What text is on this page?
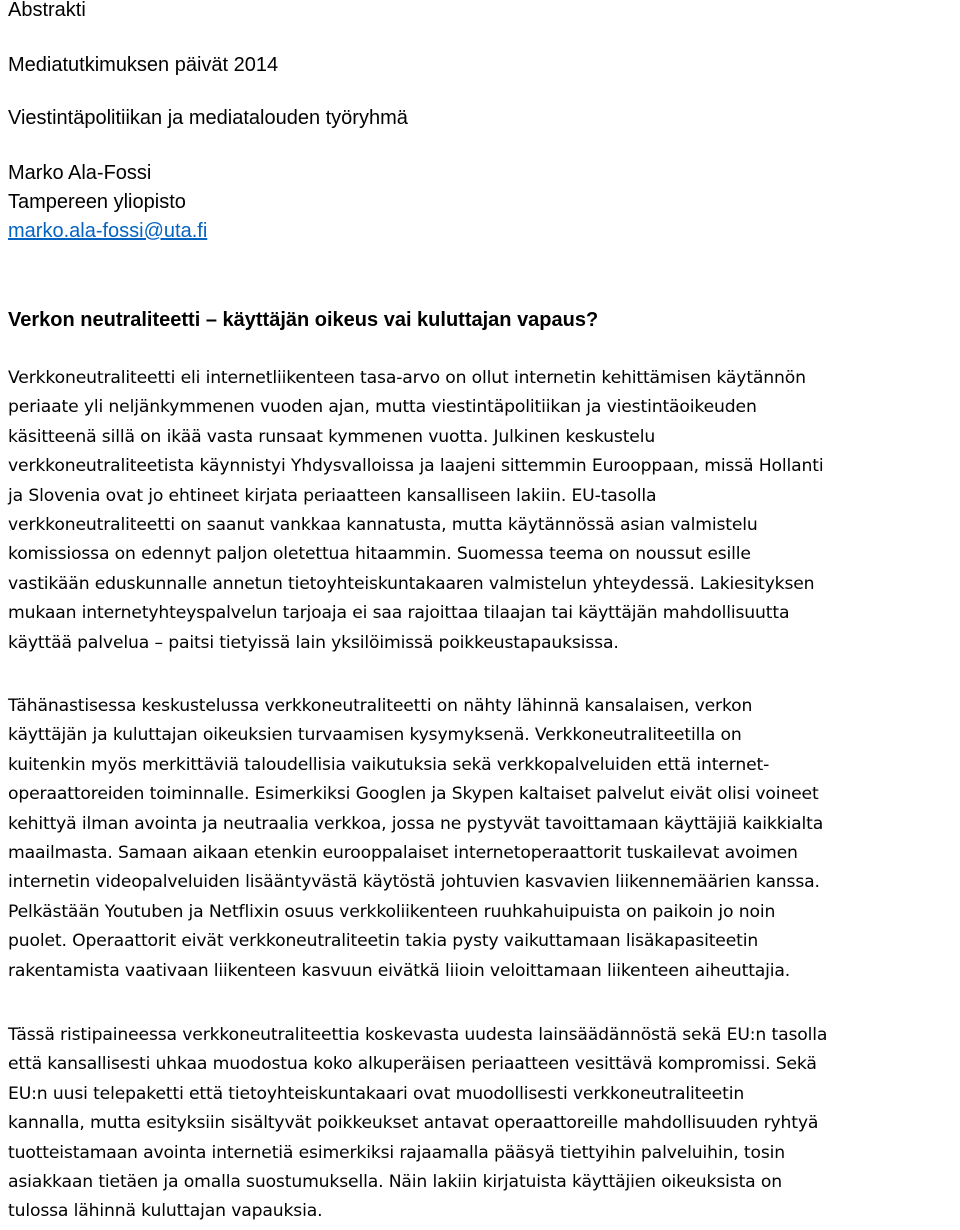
Abstrakti

Mediatutkimuksen päivät 2014

Viestintäpolitiikan ja mediatalouden työryhmä

Marko Ala-Fossi

Tampereen yliopisto

marko.ala-fossi@uta.fi

Verkon neutraliteetti – käyttäjän oikeus vai kuluttajan vapaus?

Verkkoneutraliteetti eli internetliikenteen tasa-arvo on ollut internetin kehittämisen käytännön
periaate yli neljänkymmenen vuoden ajan, mutta viestintäpolitiikan ja viestintäoikeuden
käsitteenä sillä on ikää vasta runsaat kymmenen vuotta. Julkinen keskustelu
verkkoneutraliteetista käynnistyi Yhdysvalloissa ja laajeni sittemmin Eurooppaan, missä Hollanti
ja Slovenia ovat jo ehtineet kirjata periaatteen kansalliseen lakiin. EU-tasolla
verkkoneutraliteetti on saanut vankkaa kannatusta, mutta käytännössä asian valmistelu
komissiossa on edennyt paljon oletettua hitaammin. Suomessa teema on noussut esille
vastikään eduskunnalle annetun tietoyhteiskuntakaaren valmistelun yhteydessä. Lakiesityksen
mukaan internetyhteyspalvelun tarjoaja ei saa rajoittaa tilaajan tai käyttäjän mahdollisuutta
käyttää palvelua – paitsi tietyissä lain yksilöimissä poikkeustapauksissa.
Tähänastisessa keskustelussa verkkoneutraliteetti on nähty lähinnä kansalaisen, verkon
käyttäjän ja kuluttajan oikeuksien turvaamisen kysymyksenä. Verkkoneutraliteetilla on
kuitenkin myös merkittäviä taloudellisia vaikutuksia sekä verkkopalveluiden että internet-
operaattoreiden toiminnalle. Esimerkiksi Googlen ja Skypen kaltaiset palvelut eivät olisi voineet
kehittyä ilman avointa ja neutraalia verkkoa, jossa ne pystyvät tavoittamaan käyttäjiä kaikkialta
maailmasta. Samaan aikaan etenkin eurooppalaiset internetoperaattorit tuskailevat avoimen
internetin videopalveluiden lisääntyvästä käytöstä johtuvien kasvavien liikennemäärien kanssa.
Pelkästään Youtuben ja Netflixin osuus verkkoliikenteen ruuhkahuipuista on paikoin jo noin
puolet. Operaattorit eivät verkkoneutraliteetin takia pysty vaikuttamaan lisäkapasiteetin
rakentamista vaativaan liikenteen kasvuun eivätkä liioin veloittamaan liikenteen aiheuttajia.
Tässä ristipaineessa verkkoneutraliteettia koskevasta uudesta lainsäädännöstä sekä EU:n tasolla
että kansallisesti uhkaa muodostua koko alkuperäisen periaatteen vesittävä kompromissi. Sekä
EU:n uusi telepaketti että tietoyhteiskuntakaari ovat muodollisesti verkkoneutraliteetin
kannalla, mutta esityksiin sisältyvät poikkeukset antavat operaattoreille mahdollisuuden ryhtyä
tuotteistamaan avointa internetiä esimerkiksi rajaamalla pääsyä tiettyihin palveluihin, tosin
asiakkaan tietäen ja omalla suostumuksella. Näin lakiin kirjatuista käyttäjien oikeuksista on
tulossa lähinnä kuluttajan vapauksia.
